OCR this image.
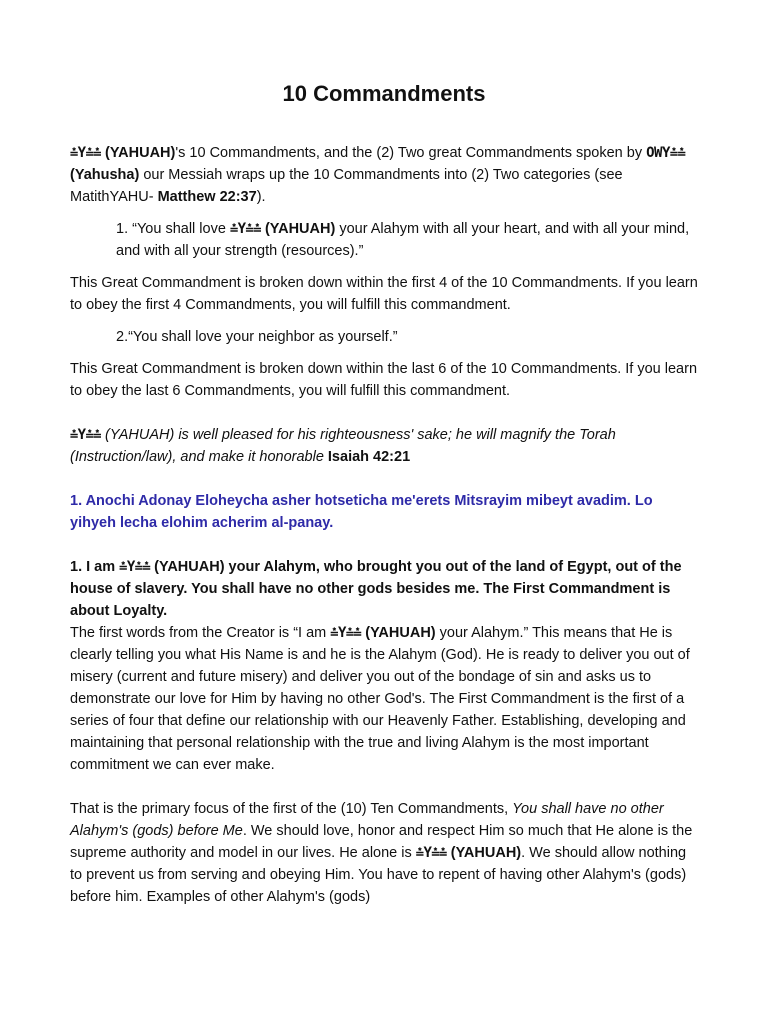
10 Commandments

⩮Y⩮⩮ (YAHUAH)'s 10 Commandments, and the (2) Two great Commandments spoken by OWY⩮⩮ (Yahusha) our Messiah wraps up the 10 Commandments into (2) Two categories (see MatithYAHU- Matthew 22:37).

1. “You shall love ⩮Y⩮⩮ (YAHUAH) your Alahym with all your heart, and with all your mind, and with all your strength (resources).”

This Great Commandment is broken down within the first 4 of the 10 Commandments. If you learn to obey the first 4 Commandments, you will fulfill this commandment.

2.“You shall love your neighbor as yourself.”

This Great Commandment is broken down within the last 6 of the 10 Commandments. If you learn to obey the last 6 Commandments, you will fulfill this commandment.

⩮Y⩮⩮ (YAHUAH) is well pleased for his righteousness' sake; he will magnify the Torah (Instruction/law), and make it honorable Isaiah 42:21

1. Anochi Adonay Eloheycha asher hotseticha me'erets Mitsrayim mibeyt avadim. Lo yihyeh lecha elohim acherim al-panay.

1. I am ⩮Y⩮⩮ (YAHUAH) your Alahym, who brought you out of the land of Egypt, out of the house of slavery. You shall have no other gods besides me. The First Commandment is about Loyalty.

The first words from the Creator is “I am ⩮Y⩮⩮ (YAHUAH) your Alahym.” This means that He is clearly telling you what His Name is and he is the Alahym (God). He is ready to deliver you out of misery (current and future misery) and deliver you out of the bondage of sin and asks us to demonstrate our love for Him by having no other God's. The First Commandment is the first of a series of four that define our relationship with our Heavenly Father. Establishing, developing and maintaining that personal relationship with the true and living Alahym is the most important commitment we can ever make.

That is the primary focus of the first of the (10) Ten Commandments, You shall have no other Alahym's (gods) before Me. We should love, honor and respect Him so much that He alone is the supreme authority and model in our lives. He alone is ⩮Y⩮⩮ (YAHUAH). We should allow nothing to prevent us from serving and obeying Him. You have to repent of having other Alahym's (gods) before him. Examples of other Alahym's (gods)
